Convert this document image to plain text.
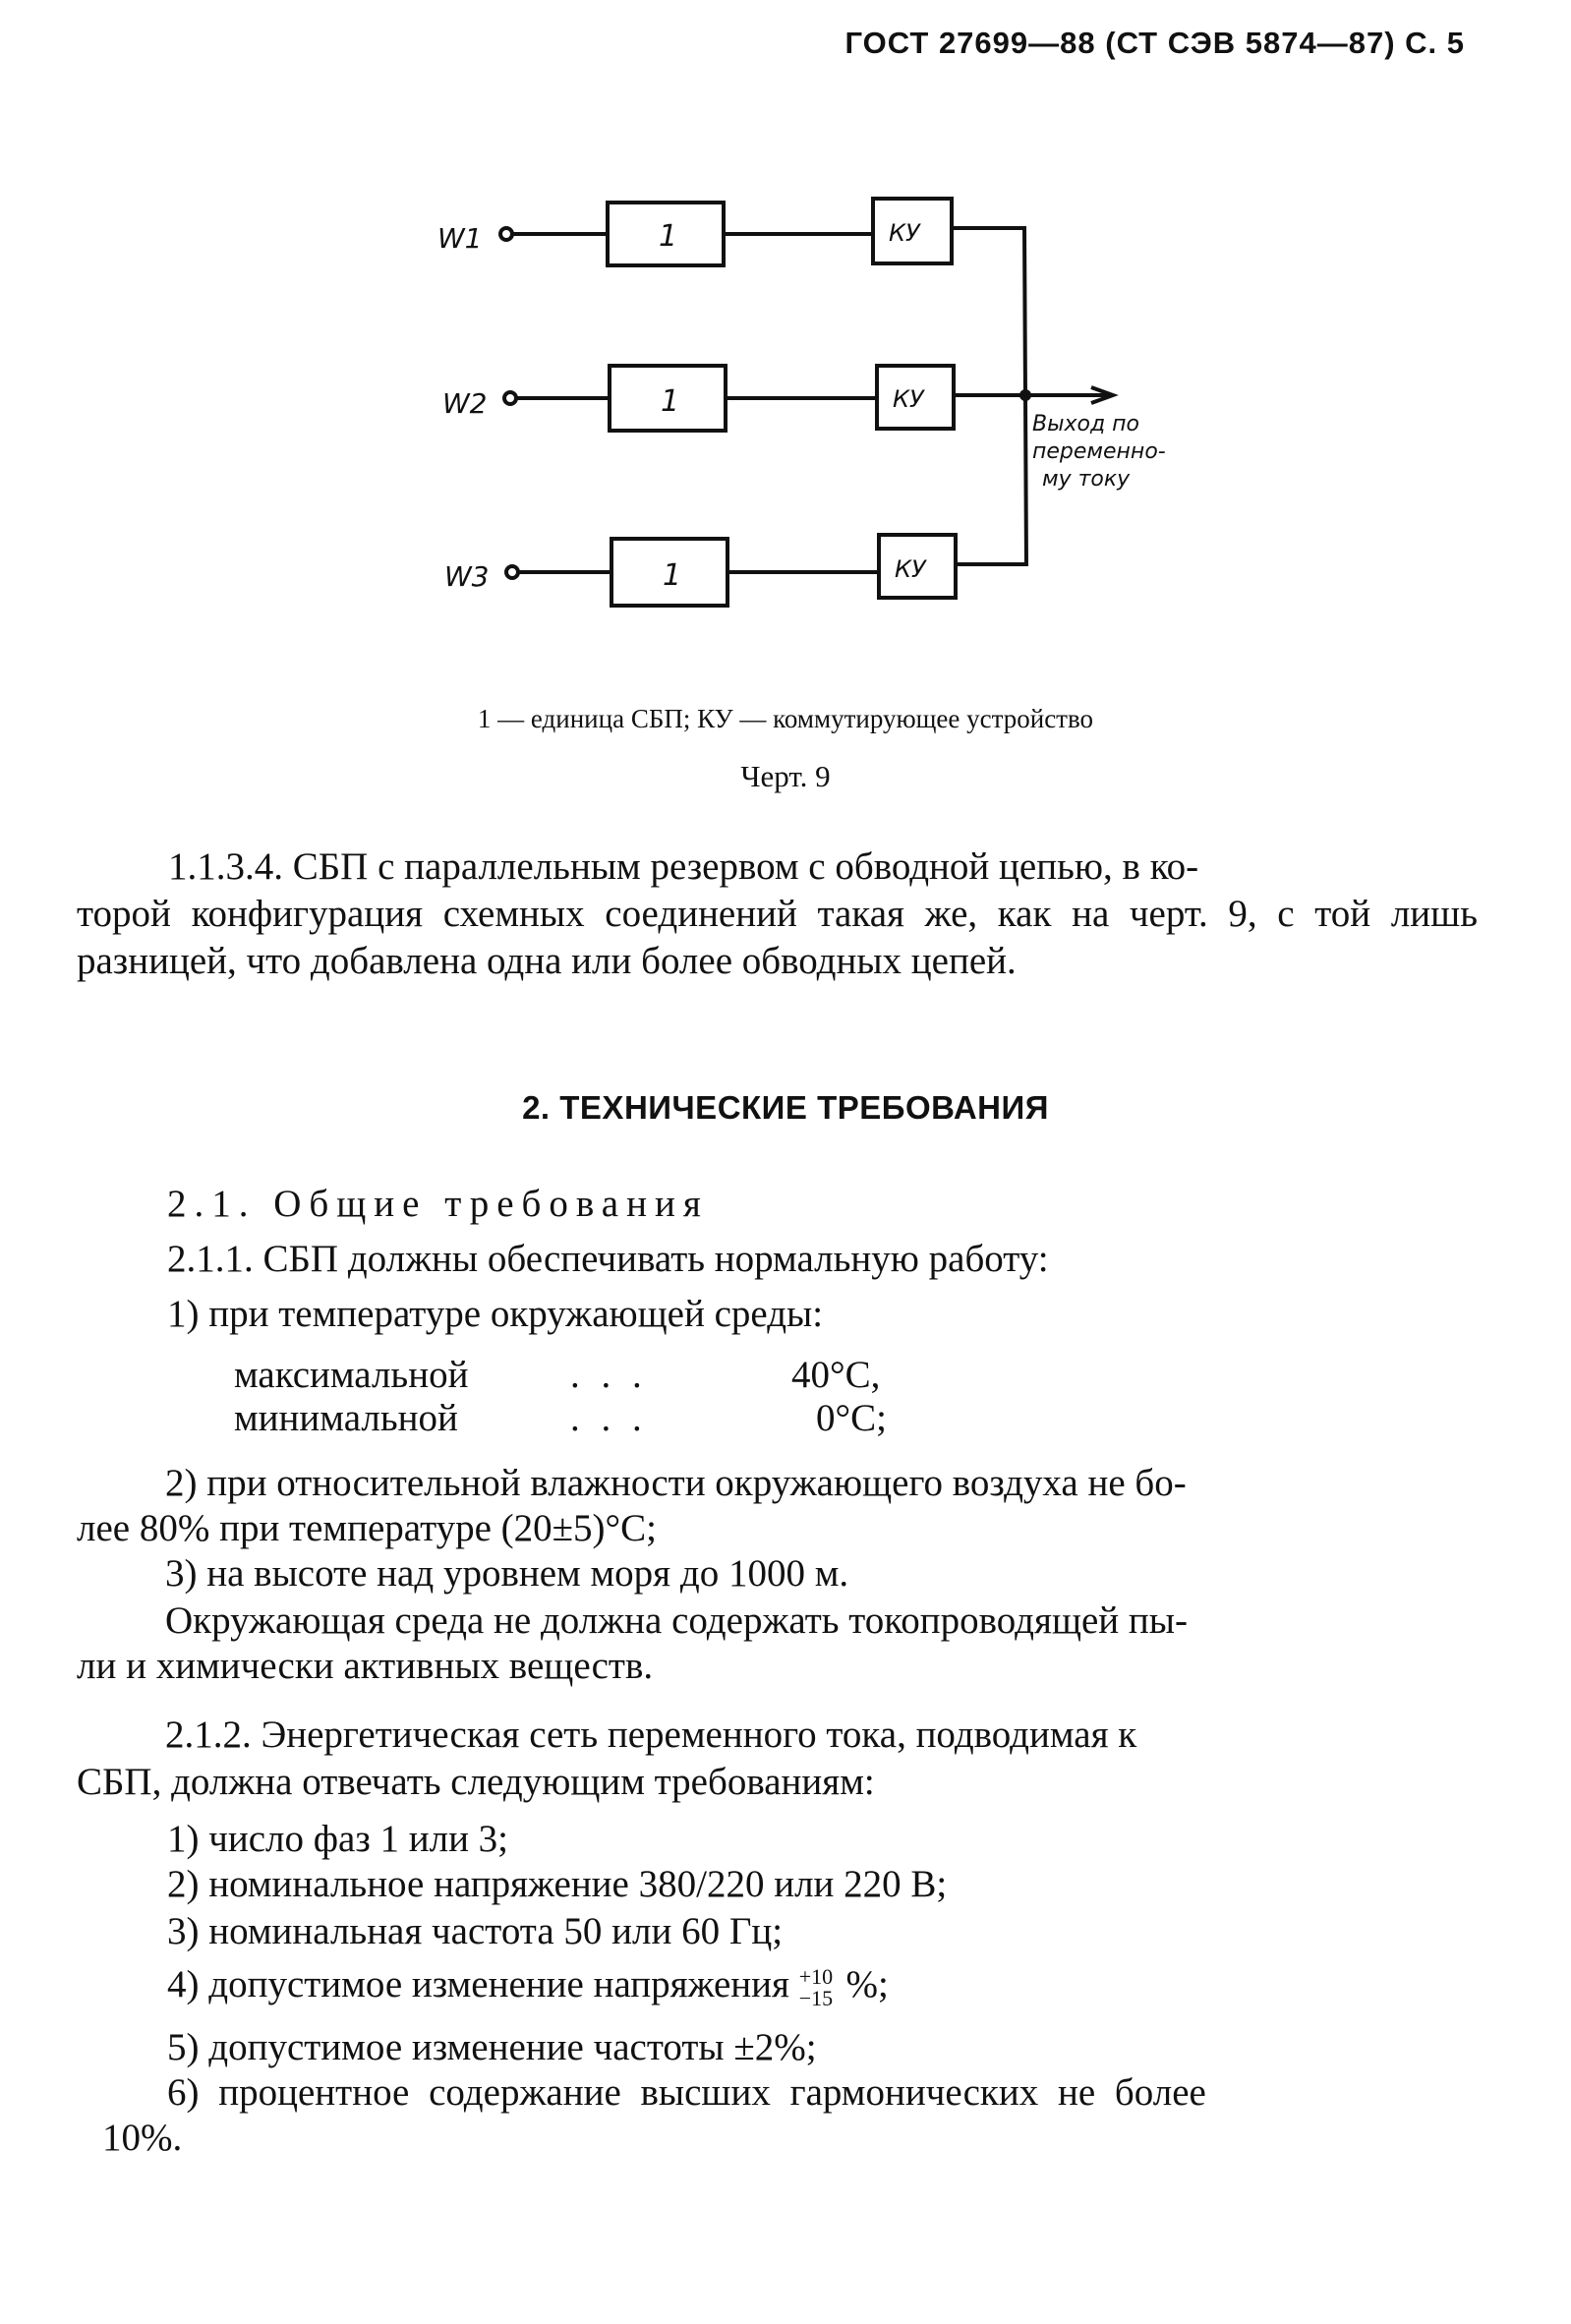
ГОСТ 27699—88 (СТ СЭВ 5874—87) С. 5
W1
W2
W3
1
1
1
КУ
КУ
КУ
Выход по
переменно-
му току
1 — единица СБП; КУ — коммутирующее устройство
Черт. 9
1.1.3.4. СБП с параллельным резервом с обводной цепью, в ко-
торой конфигурация схемных соединений такая же, как на черт. 9, с той лишь разницей, что добавлена одна или более обводных цепей.
2. ТЕХНИЧЕСКИЕ ТРЕБОВАНИЯ
2.1. Общие требования
2.1.1. СБП должны обеспечивать нормальную работу:
1) при температуре окружающей среды:
максимальной	. . .	40°С,
минимальной	. . .	0°С;
2) при относительной влажности окружающего воздуха не бо-
лее 80% при температуре (20±5)°С;
3) на высоте над уровнем моря до 1000 м.
Окружающая среда не должна содержать токопроводящей пы-
ли и химически активных веществ.
2.1.2. Энергетическая сеть переменного тока, подводимая к
СБП, должна отвечать следующим требованиям:
1) число фаз 1 или 3;
2) номинальное напряжение 380/220 или 220 В;
3) номинальная частота 50 или 60 Гц;
4) допустимое изменение напряжения +10
−15 %;
5) допустимое изменение частоты ±2%;
6) процентное содержание высших гармонических не более
10%.
